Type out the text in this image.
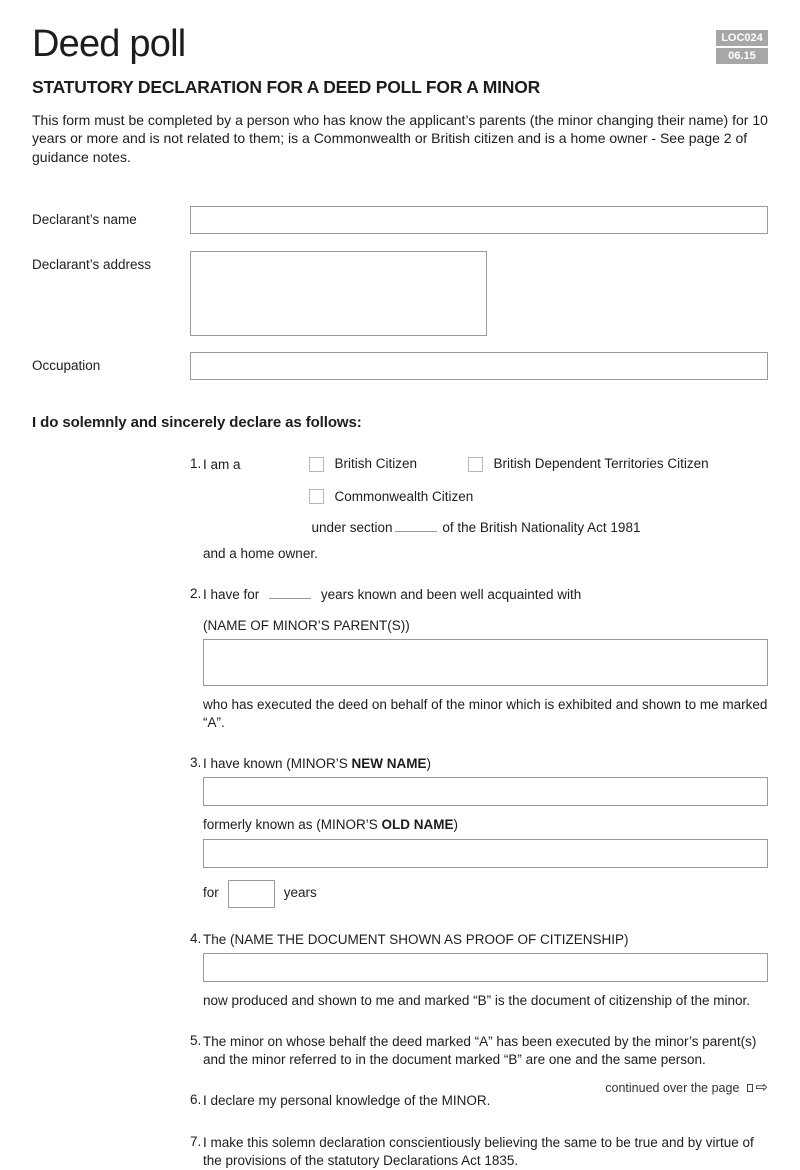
Deed poll	LOC024
06.15
STATUTORY DECLARATION FOR A DEED POLL FOR A MINOR
This form must be completed by a person who has know the applicant’s parents (the minor changing their name) for 10 years or more and is not related to them; is a Commonwealth or British citizen and is a home owner - See page 2 of guidance notes.
Declarant’s name
Declarant’s address
Occupation
I do solemnly and sincerely declare as follows:
1. I am a	British Citizen	British Dependent Territories Citizen
Commonwealth Citizen
under section	of the British Nationality Act 1981
and a home owner.
2. I have for	years known and been well acquainted with
(NAME OF MINOR’S PARENT(S))
who has executed the deed on behalf of the minor which is exhibited and shown to me marked “A”.
3. I have known (MINOR’S NEW NAME)
formerly known as (MINOR’S OLD NAME)
for	years
4. The (NAME THE DOCUMENT SHOWN AS PROOF OF CITIZENSHIP)
now produced and shown to me and marked “B” is the document of citizenship of the minor.
5. The minor on whose behalf the deed marked “A” has been executed by the minor’s parent(s) and the minor referred to in the document marked “B” are one and the same person.
6. I declare my personal knowledge of the MINOR.
7. I make this solemn declaration conscientiously believing the same to be true and by virtue of the provisions of the statutory Declarations Act 1835.
continued over the page ⇨
